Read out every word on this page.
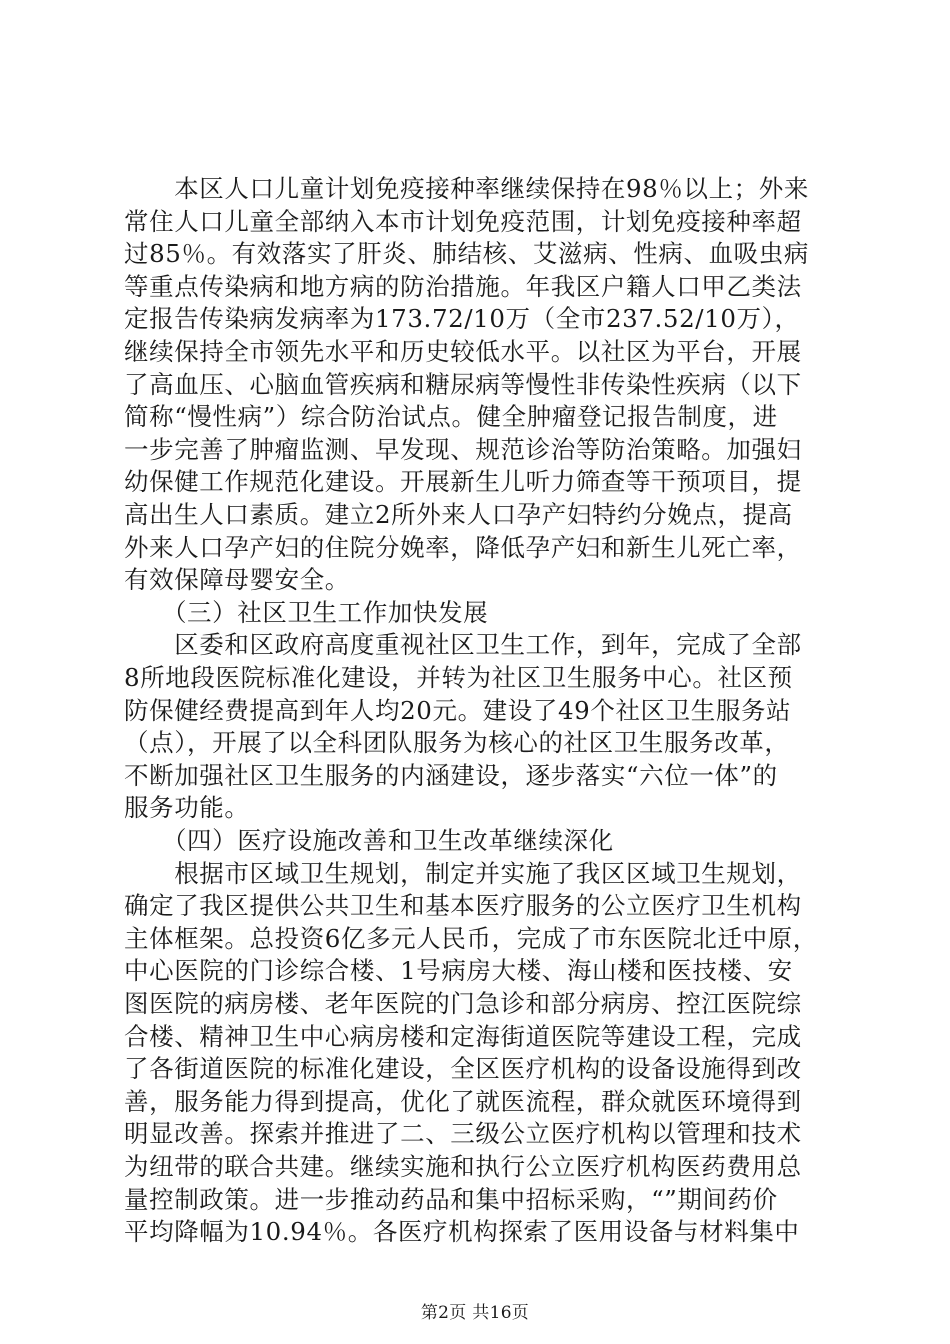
　　本区人口儿童计划免疫接种率继续保持在98％以上；外来
常住人口儿童全部纳入本市计划免疫范围，计划免疫接种率超
过85％。有效落实了肝炎、肺结核、艾滋病、性病、血吸虫病
等重点传染病和地方病的防治措施。年我区户籍人口甲乙类法
定报告传染病发病率为173.72/10万（全市237.52/10万），
继续保持全市领先水平和历史较低水平。以社区为平台，开展
了高血压、心脑血管疾病和糖尿病等慢性非传染性疾病（以下
简称“慢性病”）综合防治试点。健全肿瘤登记报告制度，进
一步完善了肿瘤监测、早发现、规范诊治等防治策略。加强妇
幼保健工作规范化建设。开展新生儿听力筛查等干预项目，提
高出生人口素质。建立2所外来人口孕产妇特约分娩点，提高
外来人口孕产妇的住院分娩率，降低孕产妇和新生儿死亡率，
有效保障母婴安全。
　　（三）社区卫生工作加快发展
　　区委和区政府高度重视社区卫生工作，到年，完成了全部
8所地段医院标准化建设，并转为社区卫生服务中心。社区预
防保健经费提高到年人均20元。建设了49个社区卫生服务站
（点），开展了以全科团队服务为核心的社区卫生服务改革，
不断加强社区卫生服务的内涵建设，逐步落实“六位一体”的
服务功能。
　　（四）医疗设施改善和卫生改革继续深化
　　根据市区域卫生规划，制定并实施了我区区域卫生规划，
确定了我区提供公共卫生和基本医疗服务的公立医疗卫生机构
主体框架。总投资6亿多元人民币，完成了市东医院北迁中原，
中心医院的门诊综合楼、1号病房大楼、海山楼和医技楼、安
图医院的病房楼、老年医院的门急诊和部分病房、控江医院综
合楼、精神卫生中心病房楼和定海街道医院等建设工程，完成
了各街道医院的标准化建设，全区医疗机构的设备设施得到改
善，服务能力得到提高，优化了就医流程，群众就医环境得到
明显改善。探索并推进了二、三级公立医疗机构以管理和技术
为纽带的联合共建。继续实施和执行公立医疗机构医药费用总
量控制政策。进一步推动药品和集中招标采购，“”期间药价
平均降幅为10.94％。各医疗机构探索了医用设备与材料集中
第2页 共16页
